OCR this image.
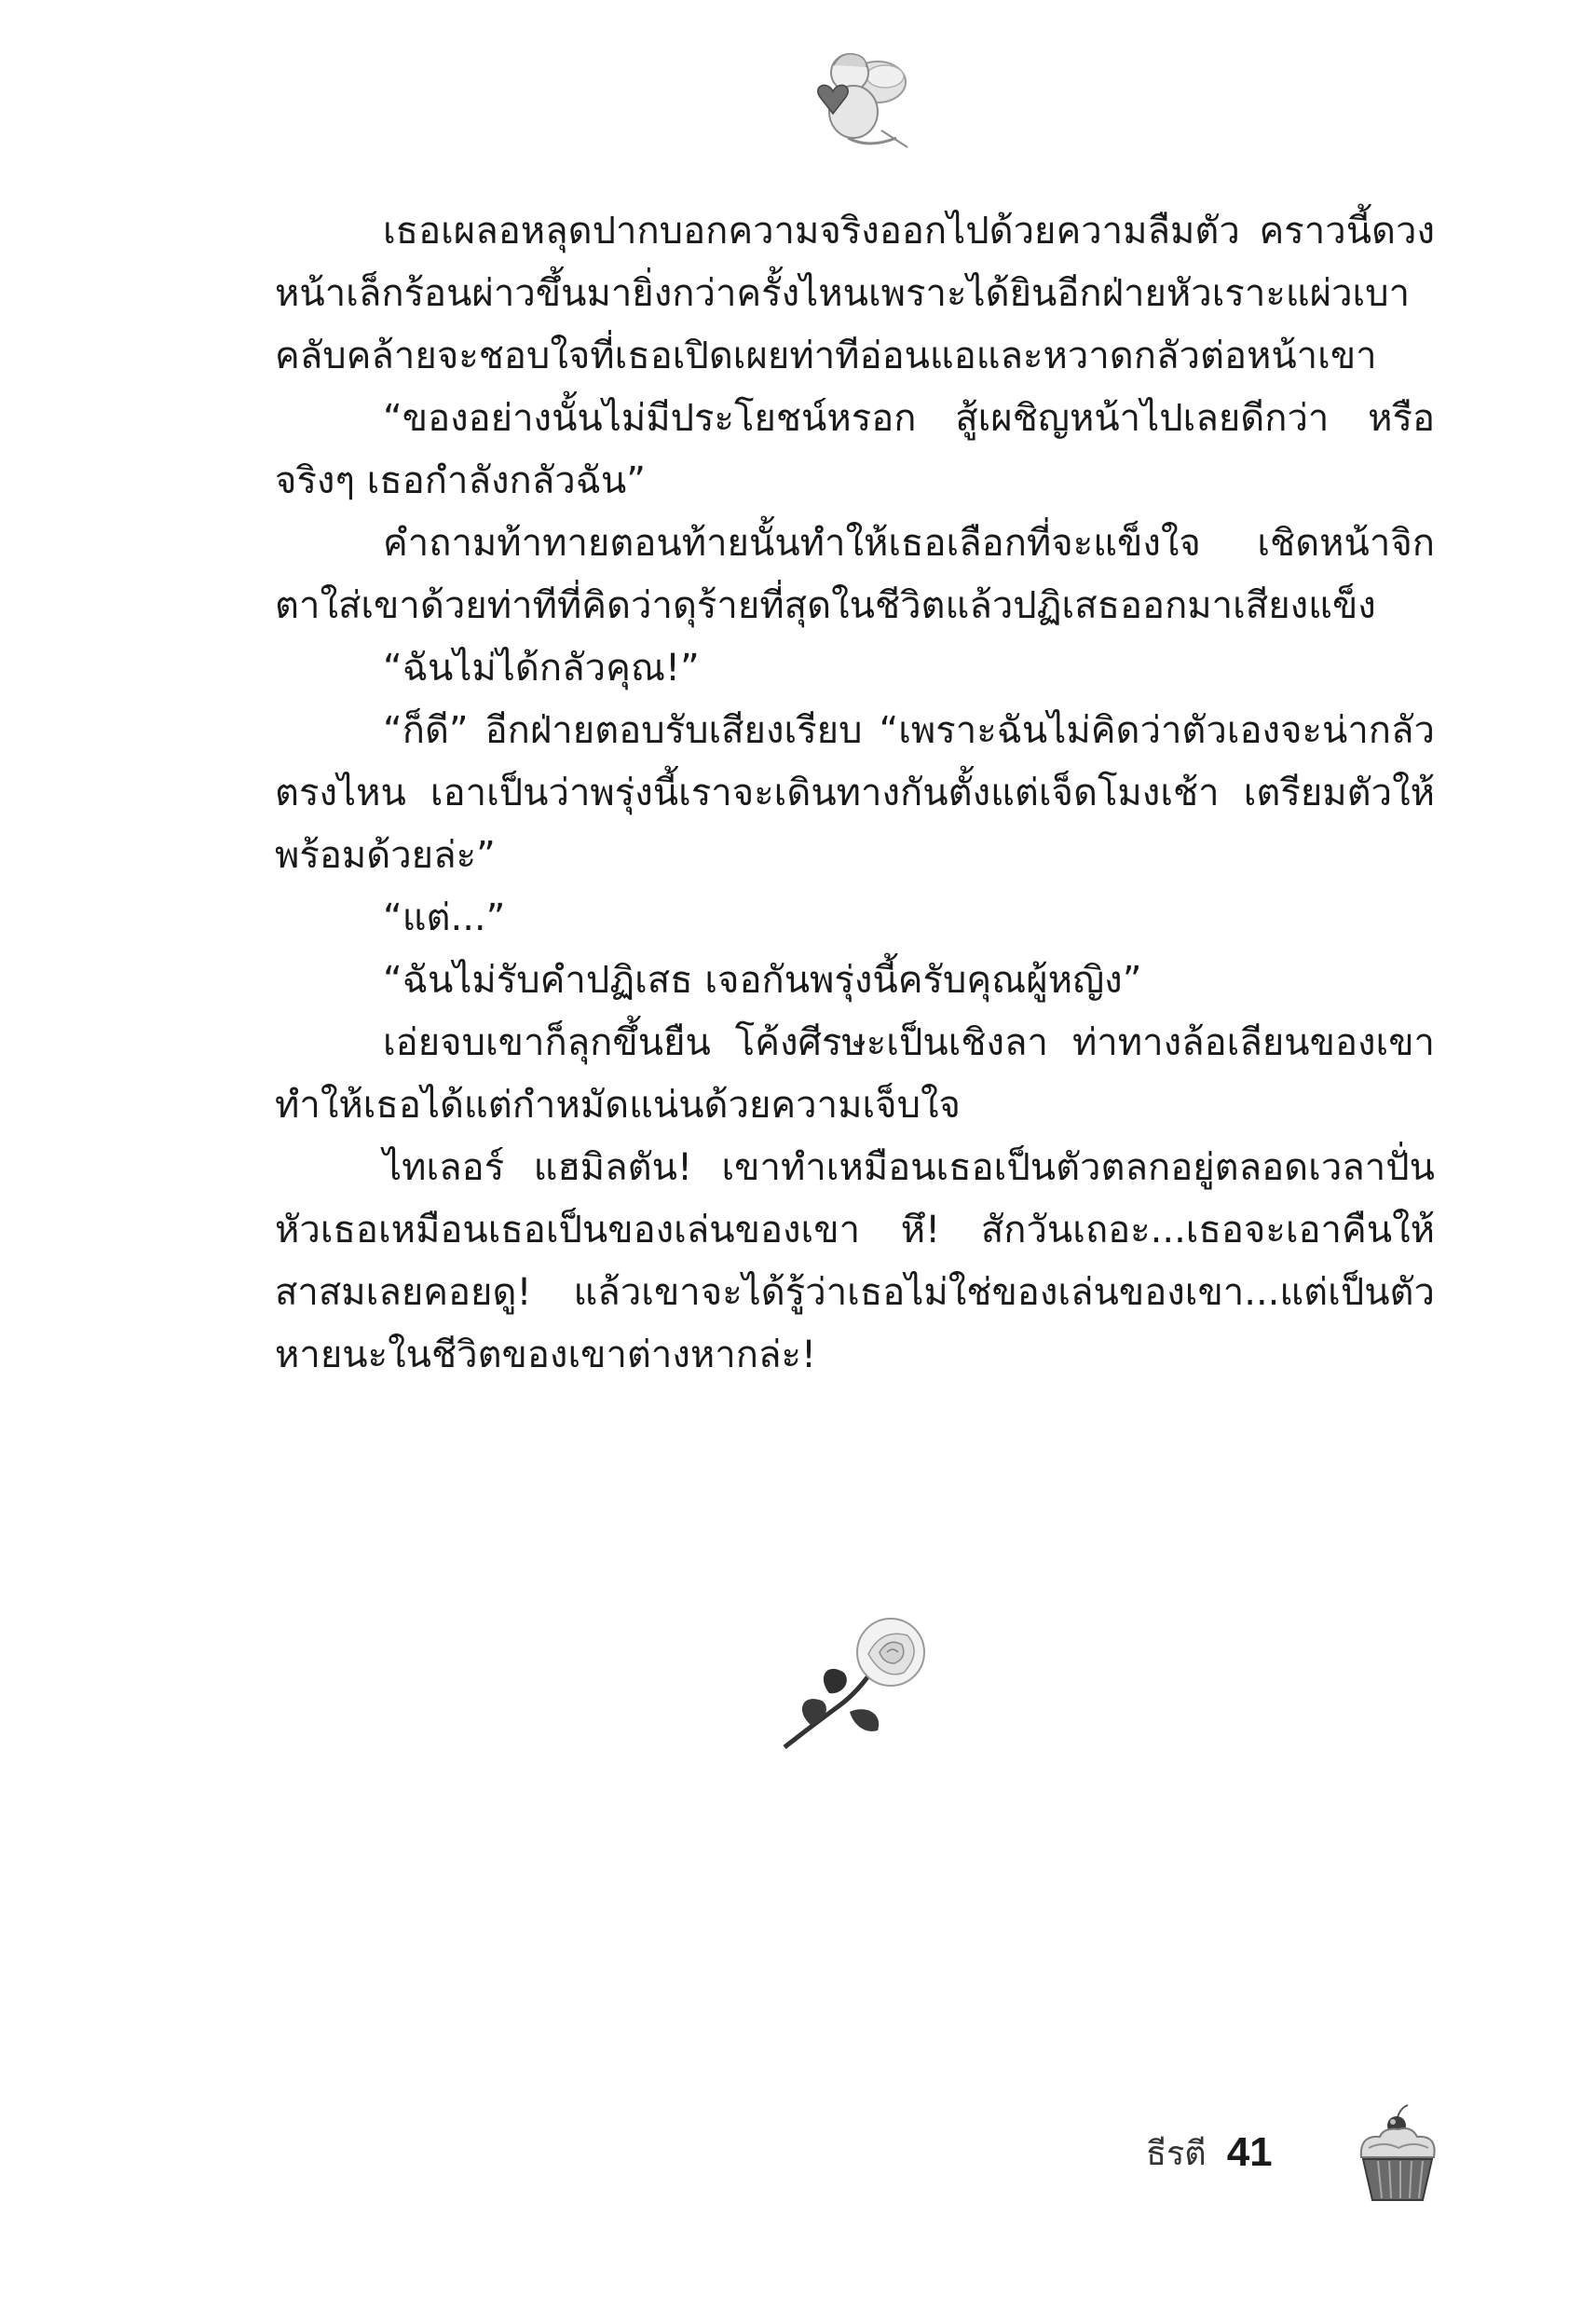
เธอเผลอหลุดปากบอกความจริงออกไปด้วยความลืมตัว คราวนี้ดวงหน้าเล็กร้อนผ่าวขึ้นมายิ่งกว่าครั้งไหนเพราะได้ยินอีกฝ่ายหัวเราะแผ่วเบา คลับคล้ายจะชอบใจที่เธอเปิดเผยท่าทีอ่อนแอและหวาดกลัวต่อหน้าเขา

“ของอย่างนั้นไม่มีประโยชน์หรอก สู้เผชิญหน้าไปเลยดีกว่า หรือจริงๆ เธอกำลังกลัวฉัน”

คำถามท้าทายตอนท้ายนั้นทำให้เธอเลือกที่จะแข็งใจ เชิดหน้าจิกตาใส่เขาด้วยท่าทีที่คิดว่าดุร้ายที่สุดในชีวิตแล้วปฏิเสธออกมาเสียงแข็ง

“ฉันไม่ได้กลัวคุณ!”

“ก็ดี” อีกฝ่ายตอบรับเสียงเรียบ “เพราะฉันไม่คิดว่าตัวเองจะน่ากลัวตรงไหน เอาเป็นว่าพรุ่งนี้เราจะเดินทางกันตั้งแต่เจ็ดโมงเช้า เตรียมตัวให้พร้อมด้วยล่ะ”

“แต่...”

“ฉันไม่รับคำปฏิเสธ เจอกันพรุ่งนี้ครับคุณผู้หญิง”

เอ่ยจบเขาก็ลุกขึ้นยืน โค้งศีรษะเป็นเชิงลา ท่าทางล้อเลียนของเขาทำให้เธอได้แต่กำหมัดแน่นด้วยความเจ็บใจ

ไทเลอร์ แฮมิลตัน! เขาทำเหมือนเธอเป็นตัวตลกอยู่ตลอดเวลาปั่นหัวเธอเหมือนเธอเป็นของเล่นของเขา หึ! สักวันเถอะ...เธอจะเอาคืนให้สาสมเลยคอยดู! แล้วเขาจะได้รู้ว่าเธอไม่ใช่ของเล่นของเขา...แต่เป็นตัวหายนะในชีวิตของเขาต่างหากล่ะ!

ธีรตี 41
